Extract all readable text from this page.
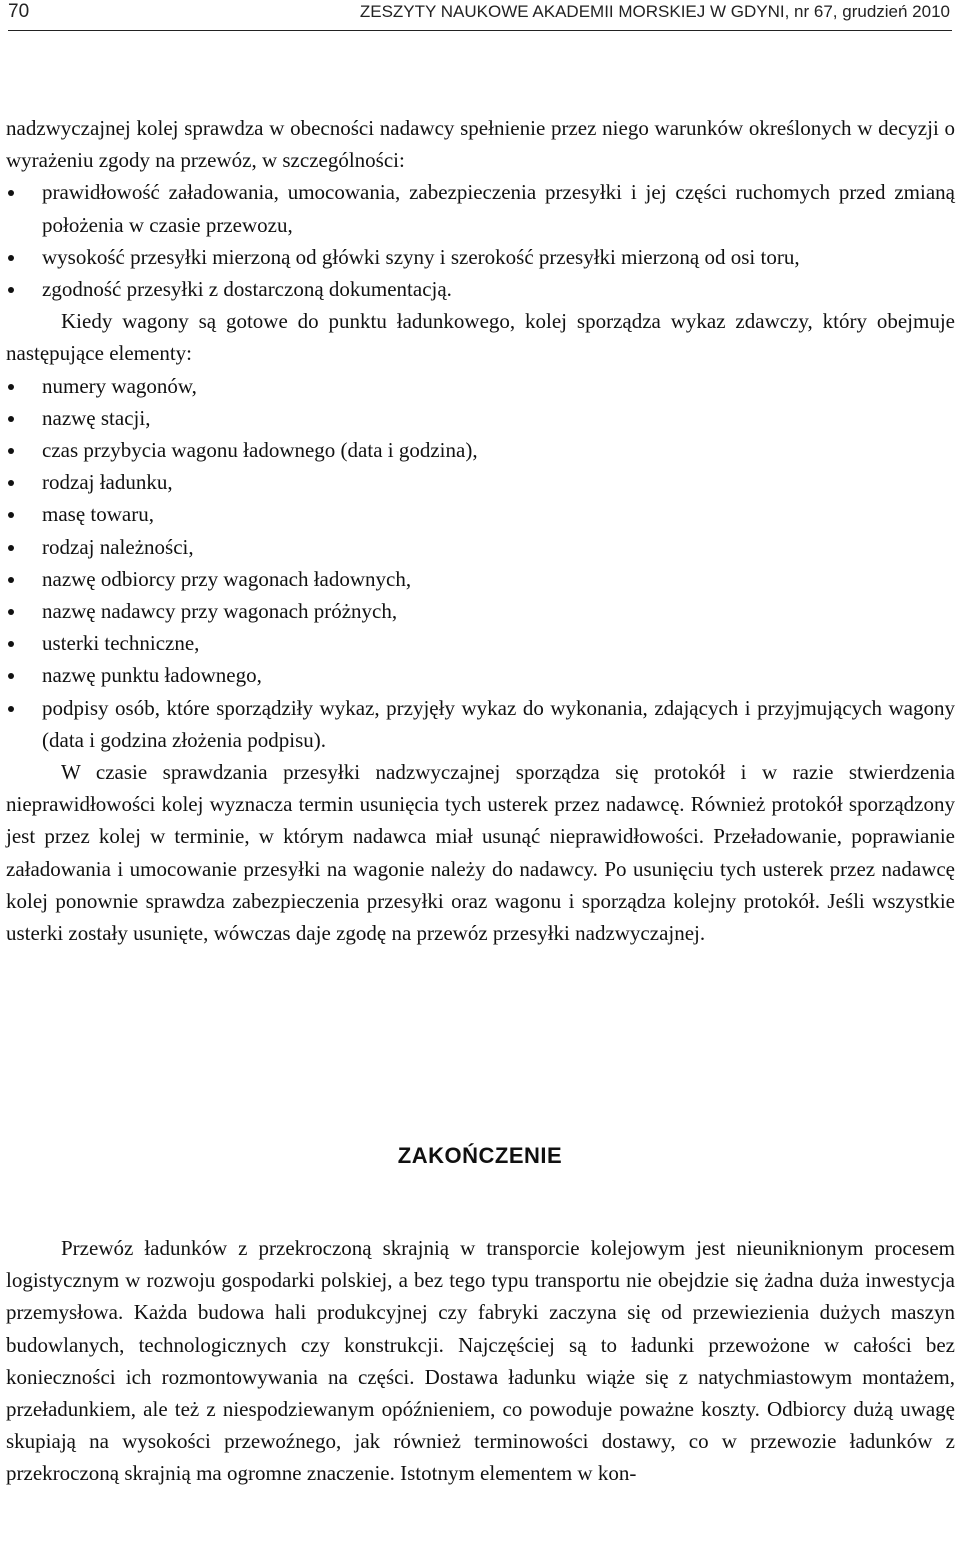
70	ZESZYTY NAUKOWE AKADEMII MORSKIEJ W GDYNI, nr 67, grudzień 2010

nadzwyczajnej kolej sprawdza w obecności nadawcy spełnienie przez niego warunków określonych w decyzji o wyrażeniu zgody na przewóz, w szczególności:

prawidłowość załadowania, umocowania, zabezpieczenia przesyłki i jej części ruchomych przed zmianą położenia w czasie przewozu,
wysokość przesyłki mierzoną od główki szyny i szerokość przesyłki mierzoną od osi toru,
zgodność przesyłki z dostarczoną dokumentacją.

Kiedy wagony są gotowe do punktu ładunkowego, kolej sporządza wykaz zdawczy, który obejmuje następujące elementy:

numery wagonów,
nazwę stacji,
czas przybycia wagonu ładownego (data i godzina),
rodzaj ładunku,
masę towaru,
rodzaj należności,
nazwę odbiorcy przy wagonach ładownych,
nazwę nadawcy przy wagonach próżnych,
usterki techniczne,
nazwę punktu ładownego,
podpisy osób, które sporządziły wykaz, przyjęły wykaz do wykonania, zdających i przyjmujących wagony (data i godzina złożenia podpisu).

W czasie sprawdzania przesyłki nadzwyczajnej sporządza się protokół i w razie stwierdzenia nieprawidłowości kolej wyznacza termin usunięcia tych usterek przez nadawcę. Również protokół sporządzony jest przez kolej w terminie, w którym nadawca miał usunąć nieprawidłowości. Przeładowanie, poprawianie załadowania i umocowanie przesyłki na wagonie należy do nadawcy. Po usunięciu tych usterek przez nadawcę kolej ponownie sprawdza zabezpieczenia przesyłki oraz wagonu i sporządza kolejny protokół. Jeśli wszystkie usterki zostały usunięte, wówczas daje zgodę na przewóz przesyłki nadzwyczajnej.

ZAKOŃCZENIE

Przewóz ładunków z przekroczoną skrajnią w transporcie kolejowym jest nieuniknionym procesem logistycznym w rozwoju gospodarki polskiej, a bez tego typu transportu nie obejdzie się żadna duża inwestycja przemysłowa. Każda budowa hali produkcyjnej czy fabryki zaczyna się od przewiezienia dużych maszyn budowlanych, technologicznych czy konstrukcji. Najczęściej są to ładunki przewożone w całości bez konieczności ich rozmontowywania na części. Dostawa ładunku wiąże się z natychmiastowym montażem, przeładunkiem, ale też z niespodziewanym opóźnieniem, co powoduje poważne koszty. Odbiorcy dużą uwagę skupiają na wysokości przewoźnego, jak również terminowości dostawy, co w przewozie ładunków z przekroczoną skrajnią ma ogromne znaczenie. Istotnym elementem w kon-
